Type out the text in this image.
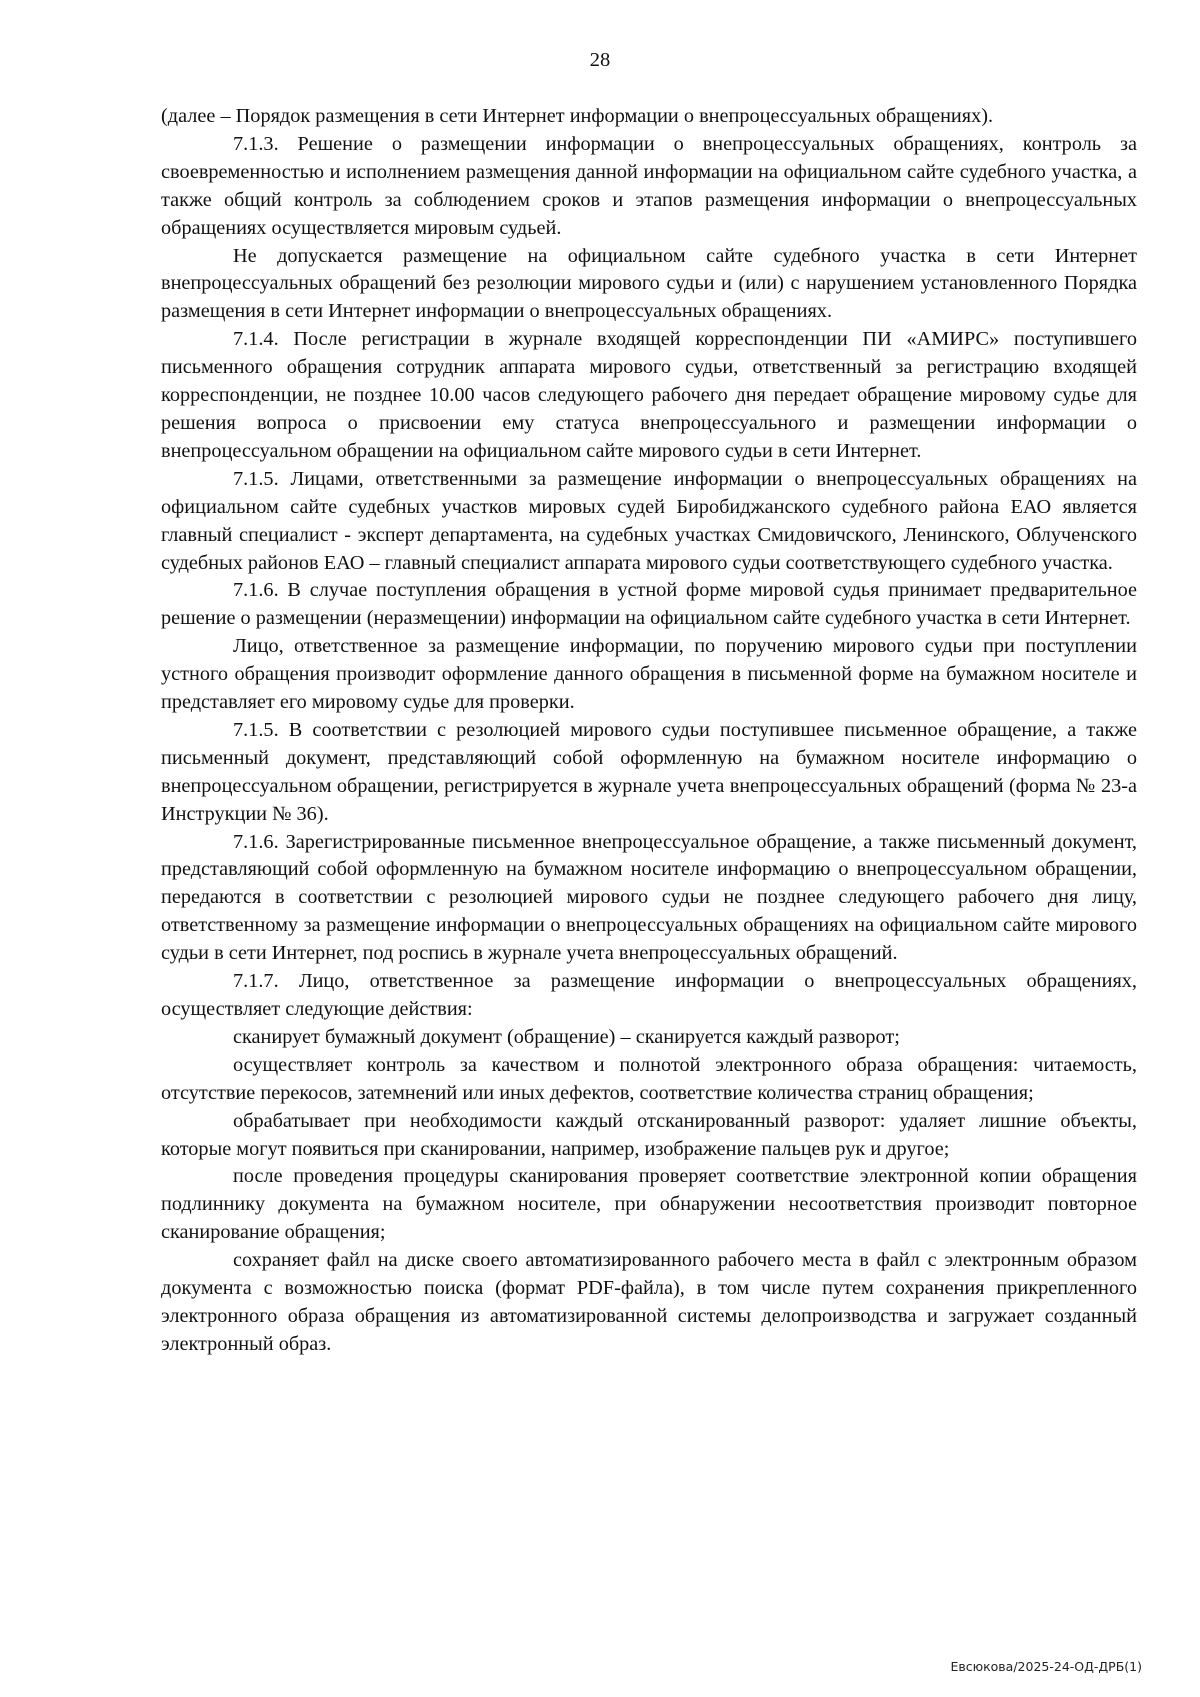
28

(далее – Порядок размещения в сети Интернет информации о внепроцессуальных обращениях).

7.1.3. Решение о размещении информации о внепроцессуальных обращениях, контроль за своевременностью и исполнением размещения данной информации на официальном сайте судебного участка, а также общий контроль за соблюдением сроков и этапов размещения информации о внепроцессуальных обращениях осуществляется мировым судьей.

Не допускается размещение на официальном сайте судебного участка в сети Интернет внепроцессуальных обращений без резолюции мирового судьи и (или) с нарушением установленного Порядка размещения в сети Интернет информации о внепроцессуальных обращениях.

7.1.4. После регистрации в журнале входящей корреспонденции ПИ «АМИРС» поступившего письменного обращения сотрудник аппарата мирового судьи, ответственный за регистрацию входящей корреспонденции, не позднее 10.00 часов следующего рабочего дня передает обращение мировому судье для решения вопроса о присвоении ему статуса внепроцессуального и размещении информации о внепроцессуальном обращении на официальном сайте мирового судьи в сети Интернет.

7.1.5. Лицами, ответственными за размещение информации о внепроцессуальных обращениях на официальном сайте судебных участков мировых судей Биробиджанского судебного района ЕАО является главный специалист - эксперт департамента, на судебных участках Смидовичского, Ленинского, Облученского судебных районов ЕАО – главный специалист аппарата мирового судьи соответствующего судебного участка.

7.1.6. В случае поступления обращения в устной форме мировой судья принимает предварительное решение о размещении (неразмещении) информации на официальном сайте судебного участка в сети Интернет.

Лицо, ответственное за размещение информации, по поручению мирового судьи при поступлении устного обращения производит оформление данного обращения в письменной форме на бумажном носителе и представляет его мировому судье для проверки.

7.1.5. В соответствии с резолюцией мирового судьи поступившее письменное обращение, а также письменный документ, представляющий собой оформленную на бумажном носителе информацию о внепроцессуальном обращении, регистрируется в журнале учета внепроцессуальных обращений (форма № 23-а Инструкции № 36).

7.1.6. Зарегистрированные письменное внепроцессуальное обращение, а также письменный документ, представляющий собой оформленную на бумажном носителе информацию о внепроцессуальном обращении, передаются в соответствии с резолюцией мирового судьи не позднее следующего рабочего дня лицу, ответственному за размещение информации о внепроцессуальных обращениях на официальном сайте мирового судьи в сети Интернет, под роспись в журнале учета внепроцессуальных обращений.

7.1.7. Лицо, ответственное за размещение информации о внепроцессуальных обращениях, осуществляет следующие действия:

сканирует бумажный документ (обращение) – сканируется каждый разворот;

осуществляет контроль за качеством и полнотой электронного образа обращения: читаемость, отсутствие перекосов, затемнений или иных дефектов, соответствие количества страниц обращения;

обрабатывает при необходимости каждый отсканированный разворот: удаляет лишние объекты, которые могут появиться при сканировании, например, изображение пальцев рук и другое;

после проведения процедуры сканирования проверяет соответствие электронной копии обращения подлиннику документа на бумажном носителе, при обнаружении несоответствия производит повторное сканирование обращения;

сохраняет файл на диске своего автоматизированного рабочего места в файл с электронным образом документа с возможностью поиска (формат PDF-файла), в том числе путем сохранения прикрепленного электронного образа обращения из автоматизированной системы делопроизводства и загружает созданный электронный образ.

Евсюкова/2025-24-ОД-ДРБ(1)
